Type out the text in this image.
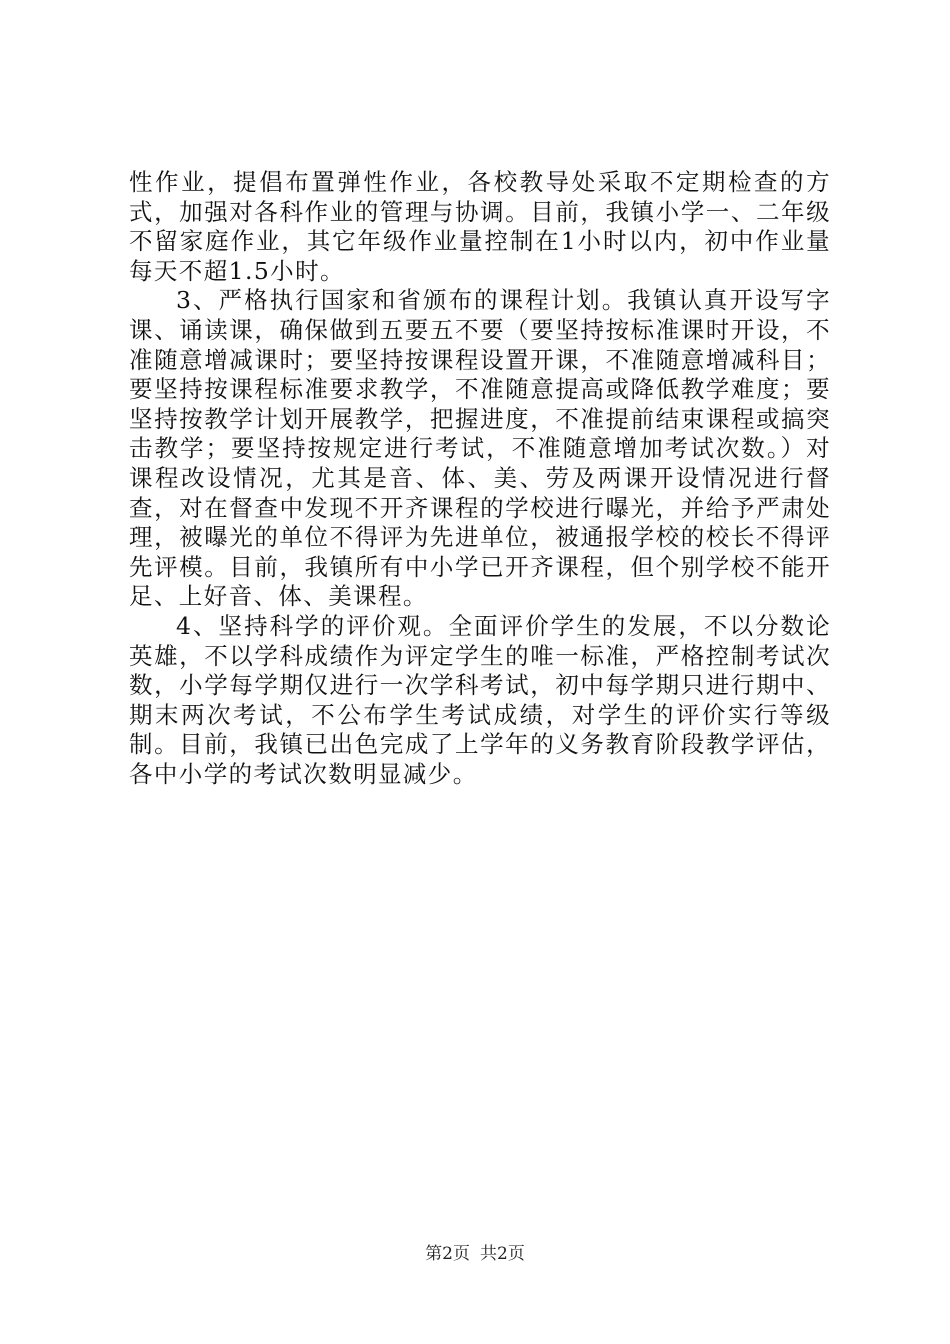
性作业，提倡布置弹性作业，各校教导处采取不定期检查的方式，加强对各科作业的管理与协调。目前，我镇小学一、二年级不留家庭作业，其它年级作业量控制在1小时以内，初中作业量每天不超1.5小时。

3、严格执行国家和省颁布的课程计划。我镇认真开设写字课、诵读课，确保做到五要五不要（要坚持按标准课时开设，不准随意增减课时；要坚持按课程设置开课，不准随意增减科目；要坚持按课程标准要求教学，不准随意提高或降低教学难度；要坚持按教学计划开展教学，把握进度，不准提前结束课程或搞突击教学；要坚持按规定进行考试，不准随意增加考试次数。）对课程改设情况，尤其是音、体、美、劳及两课开设情况进行督查，对在督查中发现不开齐课程的学校进行曝光，并给予严肃处理，被曝光的单位不得评为先进单位，被通报学校的校长不得评先评模。目前，我镇所有中小学已开齐课程，但个别学校不能开足、上好音、体、美课程。

4、坚持科学的评价观。全面评价学生的发展，不以分数论英雄，不以学科成绩作为评定学生的唯一标准，严格控制考试次数，小学每学期仅进行一次学科考试，初中每学期只进行期中、期末两次考试，不公布学生考试成绩，对学生的评价实行等级制。目前，我镇已出色完成了上学年的义务教育阶段教学评估，各中小学的考试次数明显减少。

第2页 共2页
